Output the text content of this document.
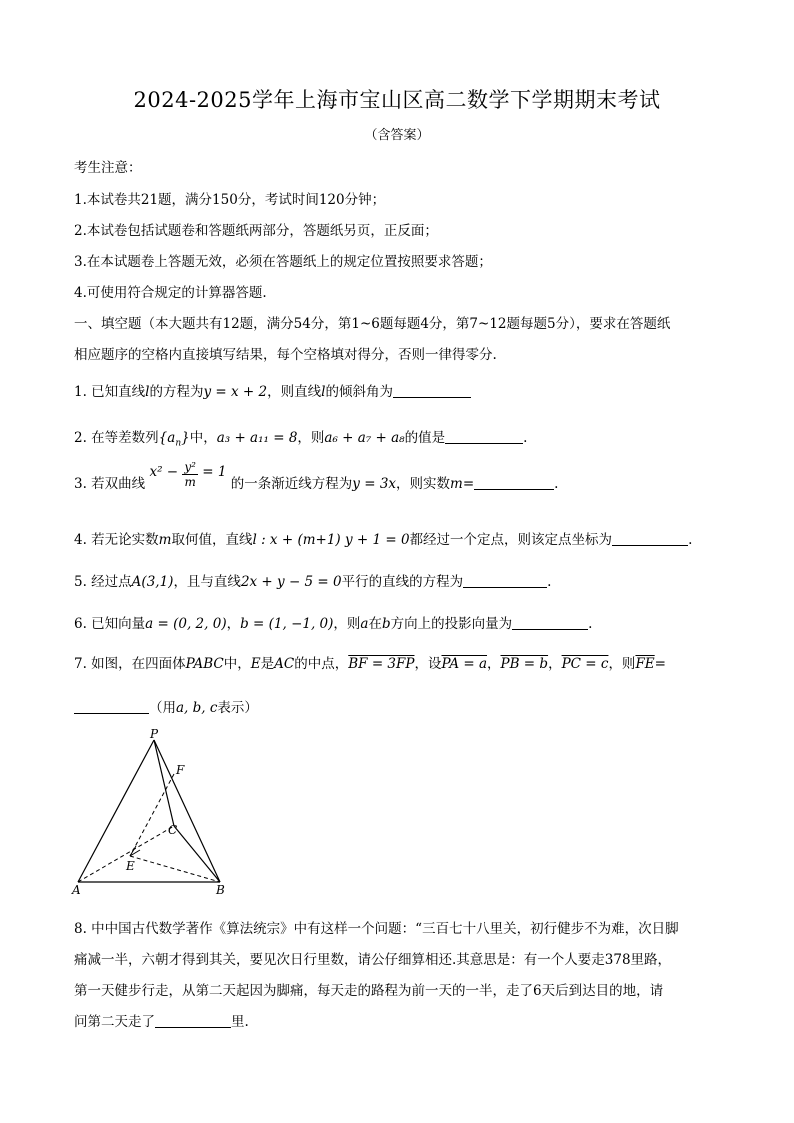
2024-2025学年上海市宝山区高二数学下学期期末考试
（含答案）
考生注意：
1.本试卷共21题，满分150分，考试时间120分钟；
2.本试卷包括试题卷和答题纸两部分，答题纸另页，正反面；
3.在本试题卷上答题无效，必须在答题纸上的规定位置按照要求答题；
4.可使用符合规定的计算器答题.
一、填空题（本大题共有12题，满分54分，第1~6题每题4分，第7~12题每题5分），要求在答题纸
相应题序的空格内直接填写结果，每个空格填对得分，否则一律得零分.
1. 已知直线l的方程为y = x + 2，则直线l的倾斜角为
2. 在等差数列$\{a_n\}$中，a₃ + a₁₁ = 8，则a₆ + a₇ + a₈的值是	.
3. 若双曲线 $x^2 - \frac{\text{y²}}{m} = 1$ 的一条渐近线方程为y = 3x，则实数m=	.
4. 若无论实数m取何值，直线l : x + (m+1) y + 1 = 0都经过一个定点，则该定点坐标为	.
5. 经过点A(3,1)，且与直线2x + y − 5 = 0平行的直线的方程为	.
6. 已知向量a = (0, 2, 0)，b = (1, −1, 0)，则a在b方向上的投影向量为	.
7. 如图，在四面体PABC中，E是AC的中点，BF = 3FP，设PA = a，PB = b，PC = c，则$\overline{FE}=$
（用a, b, c表示）
P
F
C
E
A	B
8. 中中国古代数学著作《算法统宗》中有这样一个问题：“三百七十八里关，初行健步不为难，次日脚
痛减一半，六朝才得到其关，要见次日行里数，请公仔细算相还.其意思是：有一个人要走378里路，
第一天健步行走，从第二天起因为脚痛，每天走的路程为前一天的一半，走了6天后到达目的地，请
问第二天走了	里.
